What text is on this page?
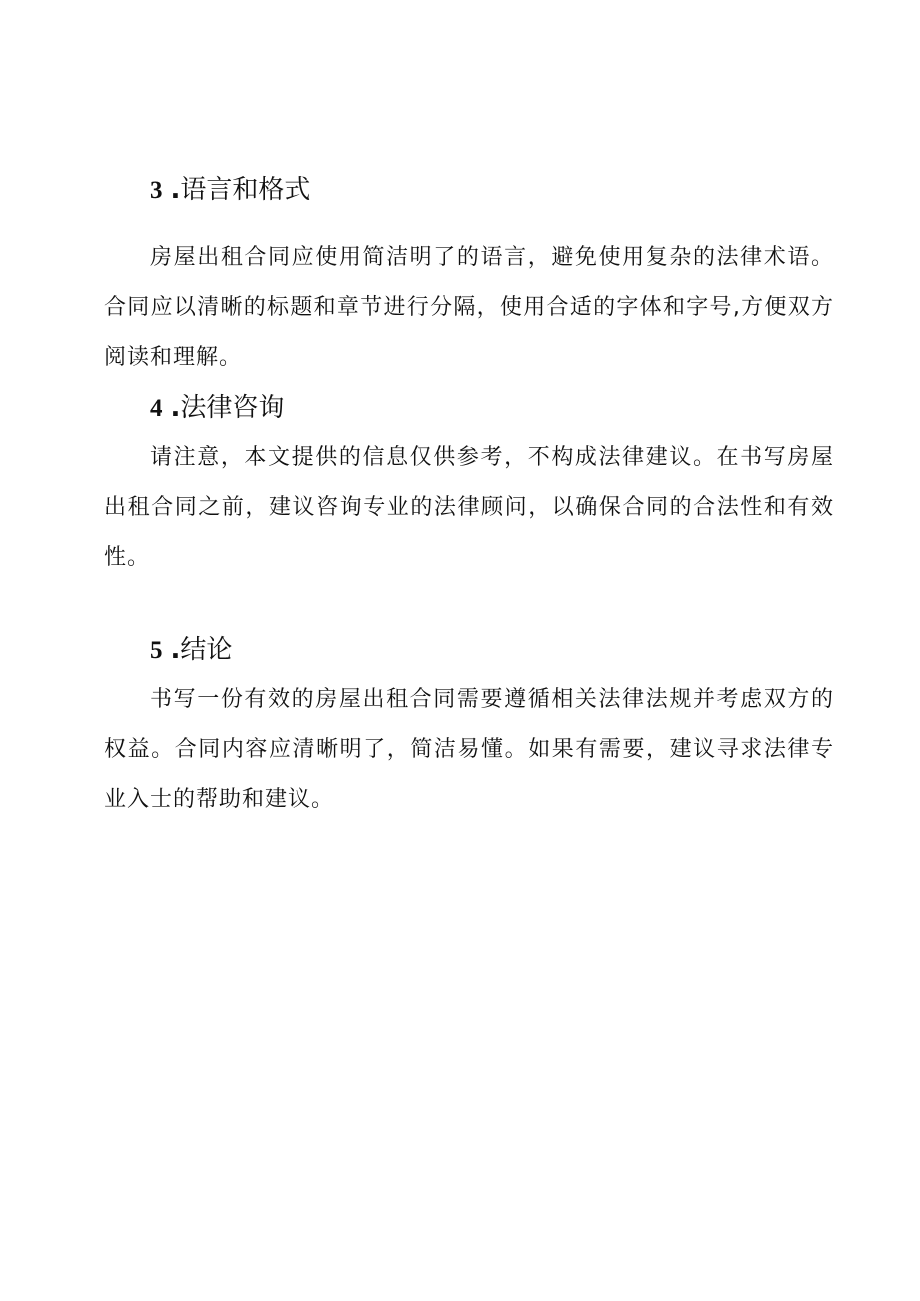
3 .语言和格式

房屋出租合同应使用简洁明了的语言，避免使用复杂的法律术语。合同应以清晰的标题和章节进行分隔，使用合适的字体和字号,方便双方阅读和理解。

4 .法律咨询

请注意，本文提供的信息仅供参考，不构成法律建议。在书写房屋出租合同之前，建议咨询专业的法律顾问，以确保合同的合法性和有效性。

5 .结论

书写一份有效的房屋出租合同需要遵循相关法律法规并考虑双方的权益。合同内容应清晰明了，简洁易懂。如果有需要，建议寻求法律专业入士的帮助和建议。
